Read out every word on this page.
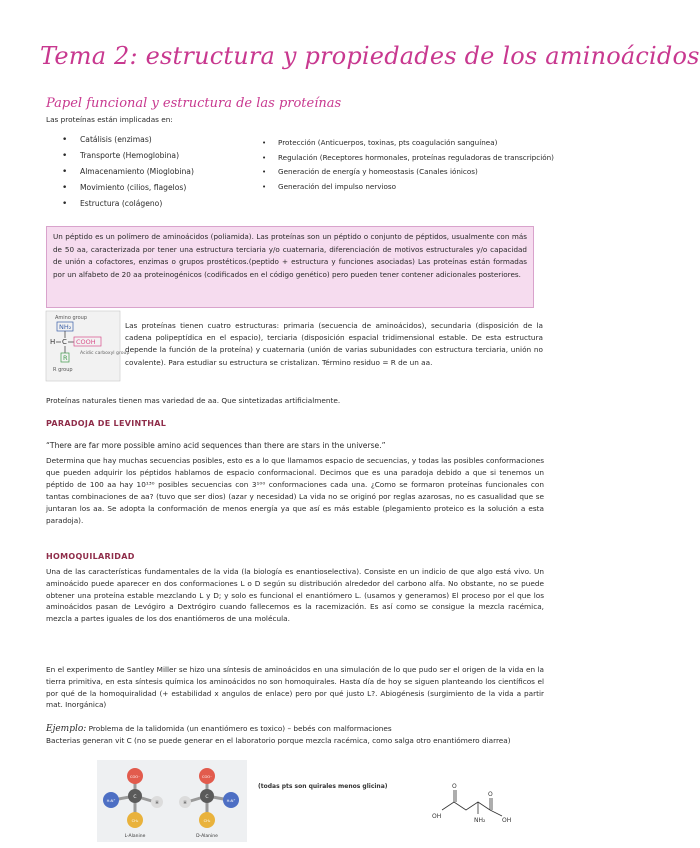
Tema 2: estructura y propiedades de los aminoácidos
Papel funcional y estructura de las proteínas
Las proteínas están implicadas en:
• Catálisis (enzimas)
• Transporte (Hemoglobina)
• Almacenamiento (Mioglobina)
• Movimiento (cilios, flagelos)
• Estructura (colágeno)
• Protección (Anticuerpos, toxinas, pts coagulación sanguínea)
• Regulación (Receptores hormonales, proteínas reguladoras de transcripción)
• Generación de energía y homeostasis (Canales iónicos)
• Generación del impulso nervioso
Un péptido es un polímero de aminoácidos (poliamida). Las proteínas son un péptido o conjunto de péptidos, usualmente con más de 50 aa, caracterizada por tener una estructura terciaria y/o cuaternaria, diferenciación de motivos estructurales y/o capacidad de unión a cofactores, enzimas o grupos prostéticos.(peptido + estructura y funciones asociadas) Las proteínas están formadas por un alfabeto de 20 aa proteinogénicos (codificados en el código genético) pero pueden tener contener adicionales posteriores.
Amino group
NH₂
H C COOH
R
Acidic carboxyl group
R group
Las proteínas tienen cuatro estructuras: primaria (secuencia de aminoácidos), secundaria (disposición de la cadena polipeptídica en el espacio), terciaria (disposición espacial tridimensional estable. De esta estructura depende la función de la proteína) y cuaternaria (unión de varias subunidades con estructura terciaria, unión no covalente). Para estudiar su estructura se cristalizan. Término residuo = R de un aa.
Proteínas naturales tienen mas variedad de aa. Que sintetizadas artificialmente.
PARADOJA DE LEVINTHAL
“There are far more possible amino acid sequences than there are stars in the universe.”
Determina que hay muchas secuencias posibles, esto es a lo que llamamos espacio de secuencias, y todas las posibles conformaciones que pueden adquirir los péptidos hablamos de espacio conformacional. Decimos que es una paradoja debido a que si tenemos un péptido de 100 aa hay 10¹³⁰ posibles secuencias con 3¹⁰⁰ conformaciones cada una. ¿Como se formaron proteínas funcionales con tantas combinaciones de aa? (tuvo que ser dios) (azar y necesidad) La vida no se originó por reglas azarosas, no es casualidad que se juntaran los aa. Se adopta la conformación de menos energía ya que así es más estable (plegamiento proteico es la solución a esta paradoja).
HOMOQUILARIDAD
Una de las características fundamentales de la vida (la biología es enantioselectiva). Consiste en un indicio de que algo está vivo. Un aminoácido puede aparecer en dos conformaciones L o D según su distribución alrededor del carbono alfa. No obstante, no se puede obtener una proteína estable mezclando L y D; y solo es funcional el enantiómero L. (usamos y generamos) El proceso por el que los aminoácidos pasan de Levógiro a Dextrógiro cuando fallecemos es la racemización. Es así como se consigue la mezcla racémica, mezcla a partes iguales de los dos enantiómeros de una molécula.
En el experimento de Santley Miller se hizo una síntesis de aminoácidos en una simulación de lo que pudo ser el origen de la vida en la tierra primitiva, en esta síntesis química los aminoácidos no son homoquirales. Hasta día de hoy se siguen planteando los científicos el por qué de la homoquiralidad (+ estabilidad x angulos de enlace) pero por qué justo L?. Abiogénesis (surgimiento de la vida a partir mat. Inorgánica)
Ejemplo: Problema de la talidomida (un enantiómero es toxico) – bebés con malformaciones
Bacterias generan vit C (no se puede generar en el laboratorio porque mezcla racémica, como salga otro enantiómero diarrea)
COO⁻
H₃N⁺	H
CH₃
C
L-Alanine
COO⁻
H₃N⁺
H
CH₃
C
D-Alanine
(todas pts son quirales menos glicina)	O
O
OH
OH
NH₂
